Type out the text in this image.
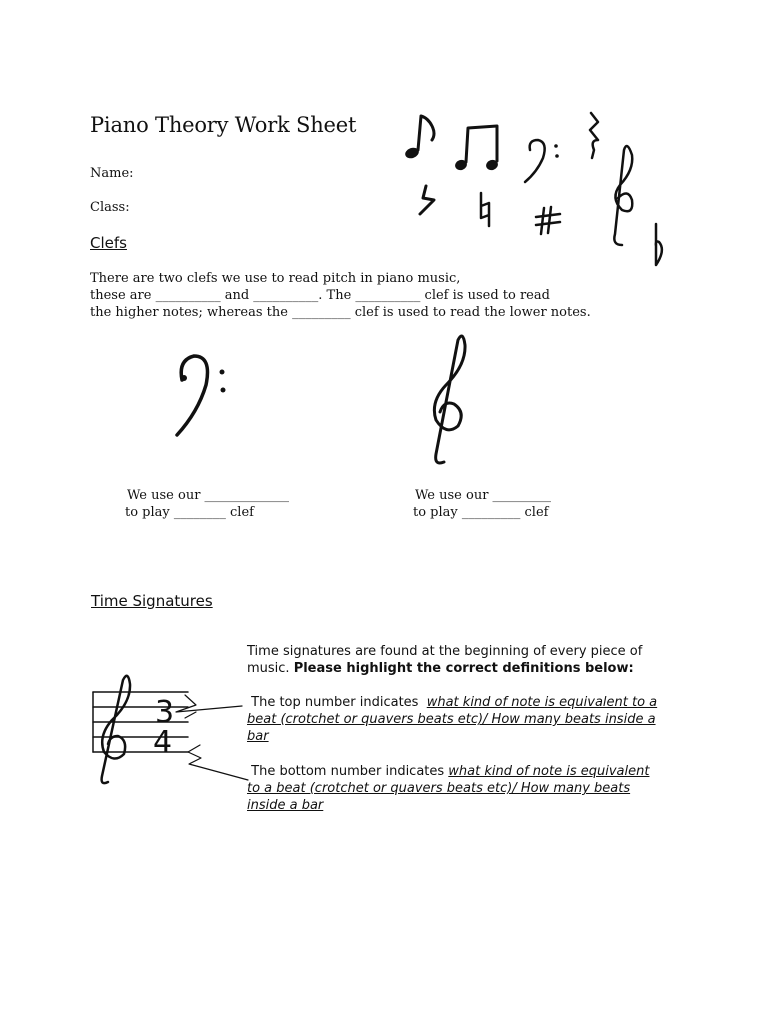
Piano Theory Work Sheet
Name:
Class:
Clefs
There are two clefs we use to read pitch in piano music,
these are __________ and __________. The __________ clef is used to read
the higher notes; whereas the _________ clef is used to read the lower notes.
We use our _____________
to play ________ clef
We use our _________
to play _________ clef
Time Signatures
Time signatures are found at the beginning of every piece of
music. Please highlight the correct definitions below:
3
4
The top number indicates  what kind of note is equivalent to a
beat (crotchet or quavers beats etc)/ How many beats inside a
bar
The bottom number indicates what kind of note is equivalent
to a beat (crotchet or quavers beats etc)/ How many beats
inside a bar
